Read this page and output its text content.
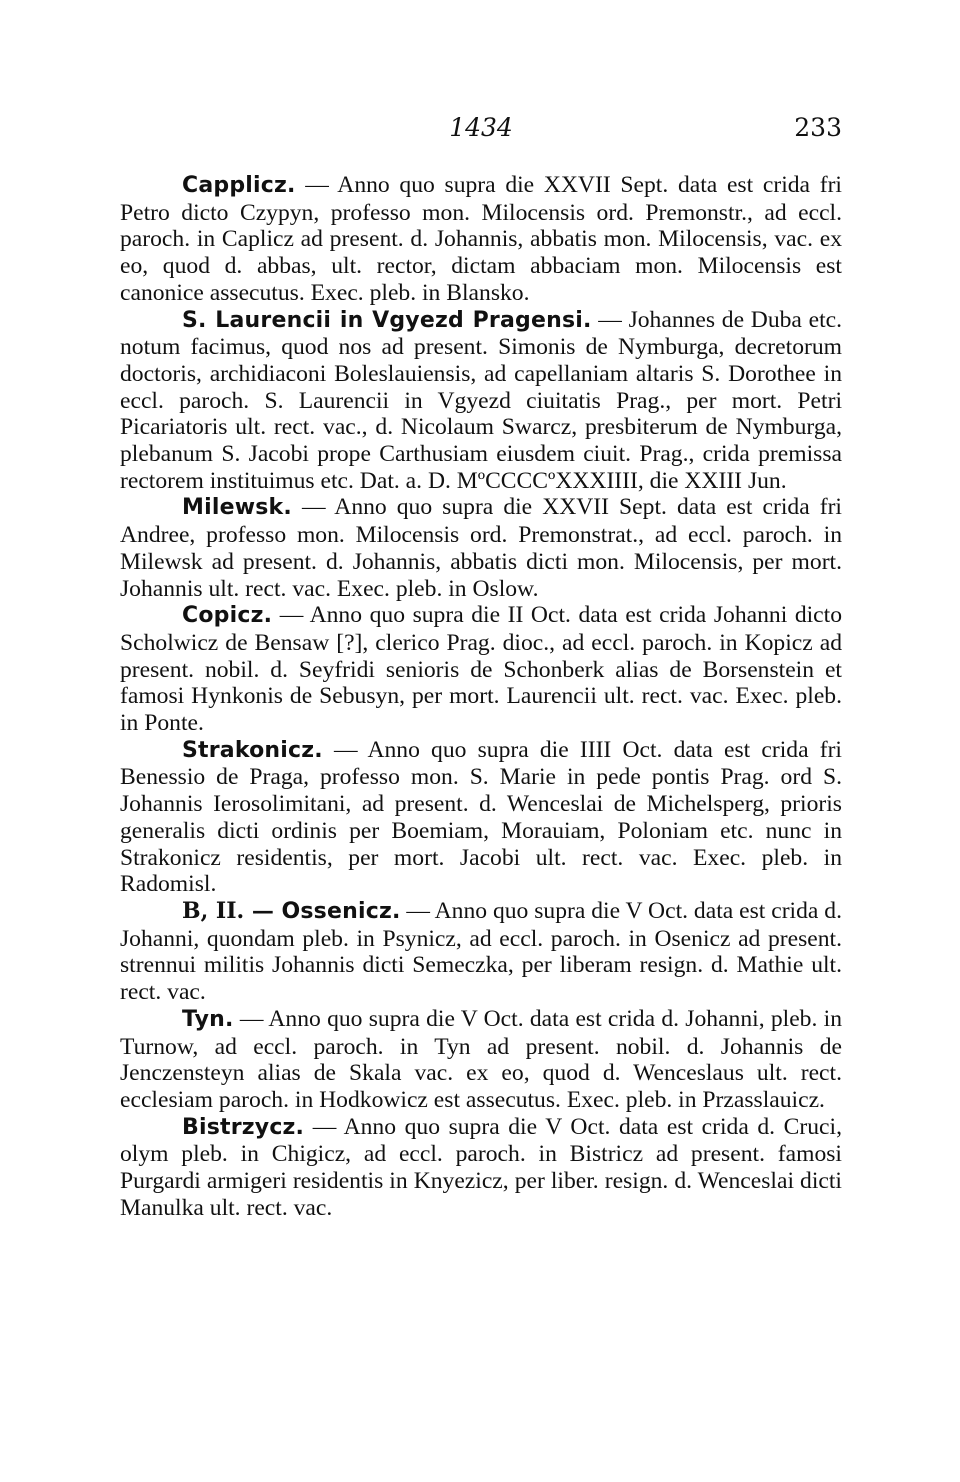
1434	233

Capplicz. — Anno quo supra die XXVII Sept. data est crida fri Petro dicto Czypyn, professo mon. Milocensis ord. Premonstr., ad eccl. paroch. in Caplicz ad present. d. Johannis, abbatis mon. Milocensis, vac. ex eo, quod d. abbas, ult. rector, dictam abbaciam mon. Milocensis est canonice assecutus. Exec. pleb. in Blansko.

S. Laurencii in Vgyezd Pragensi. — Johannes de Duba etc. notum facimus, quod nos ad present. Simonis de Nymburga, decretorum doctoris, archidiaconi Boleslauiensis, ad capellaniam altaris S. Dorothee in eccl. paroch. S. Laurencii in Vgyezd ciuitatis Prag., per mort. Petri Picariatoris ult. rect. vac., d. Nicolaum Swarcz, presbiterum de Nymburga, plebanum S. Jacobi prope Carthusiam eiusdem ciuit. Prag., crida premissa rectorem instituimus etc. Dat. a. D. MºCCCCºXXXIIII, die XXIII Jun.

Milewsk. — Anno quo supra die XXVII Sept. data est crida fri Andree, professo mon. Milocensis ord. Premonstrat., ad eccl. paroch. in Milewsk ad present. d. Johannis, abbatis dicti mon. Milocensis, per mort. Johannis ult. rect. vac. Exec. pleb. in Oslow.

Copicz. — Anno quo supra die II Oct. data est crida Johanni dicto Scholwicz de Bensaw [?], clerico Prag. dioc., ad eccl. paroch. in Kopicz ad present. nobil. d. Seyfridi senioris de Schonberk alias de Borsenstein et famosi Hynkonis de Sebusyn, per mort. Laurencii ult. rect. vac. Exec. pleb. in Ponte.

Strakonicz. — Anno quo supra die IIII Oct. data est crida fri Benessio de Praga, professo mon. S. Marie in pede pontis Prag. ord S. Johannis Ierosolimitani, ad present. d. Wenceslai de Michelsperg, prioris generalis dicti ordinis per Boemiam, Morauiam, Poloniam etc. nunc in Strakonicz residentis, per mort. Jacobi ult. rect. vac. Exec. pleb. in Radomisl.

B, II. — Ossenicz. — Anno quo supra die V Oct. data est crida d. Johanni, quondam pleb. in Psynicz, ad eccl. paroch. in Osenicz ad present. strennui militis Johannis dicti Semeczka, per liberam resign. d. Mathie ult. rect. vac.

Tyn. — Anno quo supra die V Oct. data est crida d. Johanni, pleb. in Turnow, ad eccl. paroch. in Tyn ad present. nobil. d. Johannis de Jenczensteyn alias de Skala vac. ex eo, quod d. Wenceslaus ult. rect. ecclesiam paroch. in Hodkowicz est assecutus. Exec. pleb. in Przasslauicz.

Bistrzycz. — Anno quo supra die V Oct. data est crida d. Cruci, olym pleb. in Chigicz, ad eccl. paroch. in Bistricz ad present. famosi Purgardi armigeri residentis in Knyezicz, per liber. resign. d. Wenceslai dicti Manulka ult. rect. vac.
